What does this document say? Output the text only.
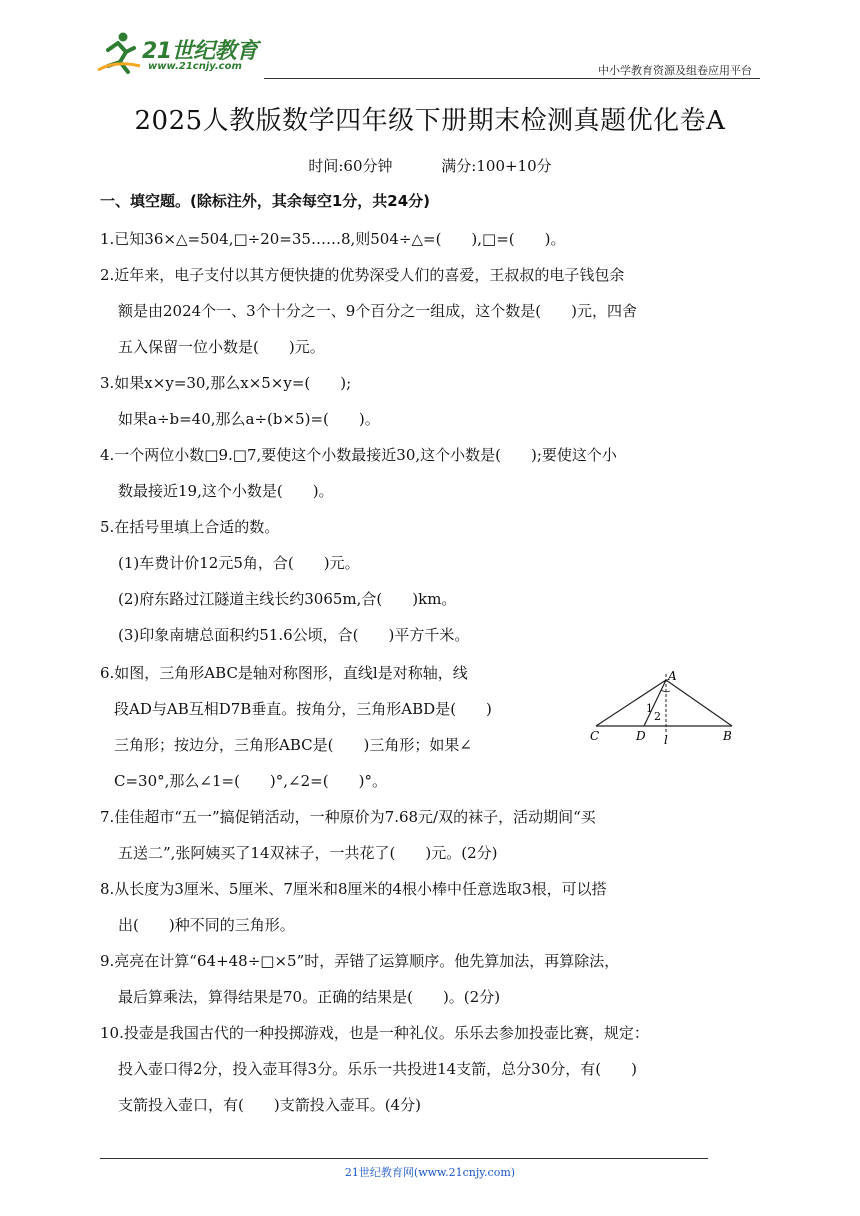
21世纪教育
www.21cnjy.com	中小学教育资源及组卷应用平台
2025人教版数学四年级下册期末检测真题优化卷A
时间:60分钟	满分:100+10分
一、填空题。(除标注外，其余每空1分，共24分)
1.已知36×△=504,□÷20=35……8,则504÷△=(　　),□=(　　)。
2.近年来，电子支付以其方便快捷的优势深受人们的喜爱，王叔叔的电子钱包余
额是由2024个一、3个十分之一、9个百分之一组成，这个数是(　　)元，四舍
五入保留一位小数是(　　)元。
3.如果x×y=30,那么x×5×y=(　　);
如果a÷b=40,那么a÷(b×5)=(　　)。
4.一个两位小数□9.□7,要使这个小数最接近30,这个小数是(　　);要使这个小
数最接近19,这个小数是(　　)。
5.在括号里填上合适的数。
(1)车费计价12元5角，合(　　)元。
(2)府东路过江隧道主线长约3065m,合(　　)km。
(3)印象南塘总面积约51.6公顷，合(　　)平方千米。
6.如图，三角形ABC是轴对称图形，直线l是对称轴，线
段AD与AB互相D7B垂直。按角分，三角形ABD是(　　)
三角形；按边分，三角形ABC是(　　)三角形；如果∠
C=30°,那么∠1=(　　)°,∠2=(　　)°。
A
B
C	D l
1
2
7.佳佳超市“五一”搞促销活动，一种原价为7.68元/双的袜子，活动期间“买
五送二”,张阿姨买了14双袜子，一共花了(　　)元。(2分)
8.从长度为3厘米、5厘米、7厘米和8厘米的4根小棒中任意选取3根，可以搭
出(　　)种不同的三角形。
9.亮亮在计算“64+48÷□×5”时，弄错了运算顺序。他先算加法，再算除法，
最后算乘法，算得结果是70。正确的结果是(　　)。(2分)
10.投壶是我国古代的一种投掷游戏，也是一种礼仪。乐乐去参加投壶比赛，规定：
投入壶口得2分，投入壶耳得3分。乐乐一共投进14支箭，总分30分，有(　　)
支箭投入壶口，有(　　)支箭投入壶耳。(4分)
21世纪教育网(www.21cnjy.com)
